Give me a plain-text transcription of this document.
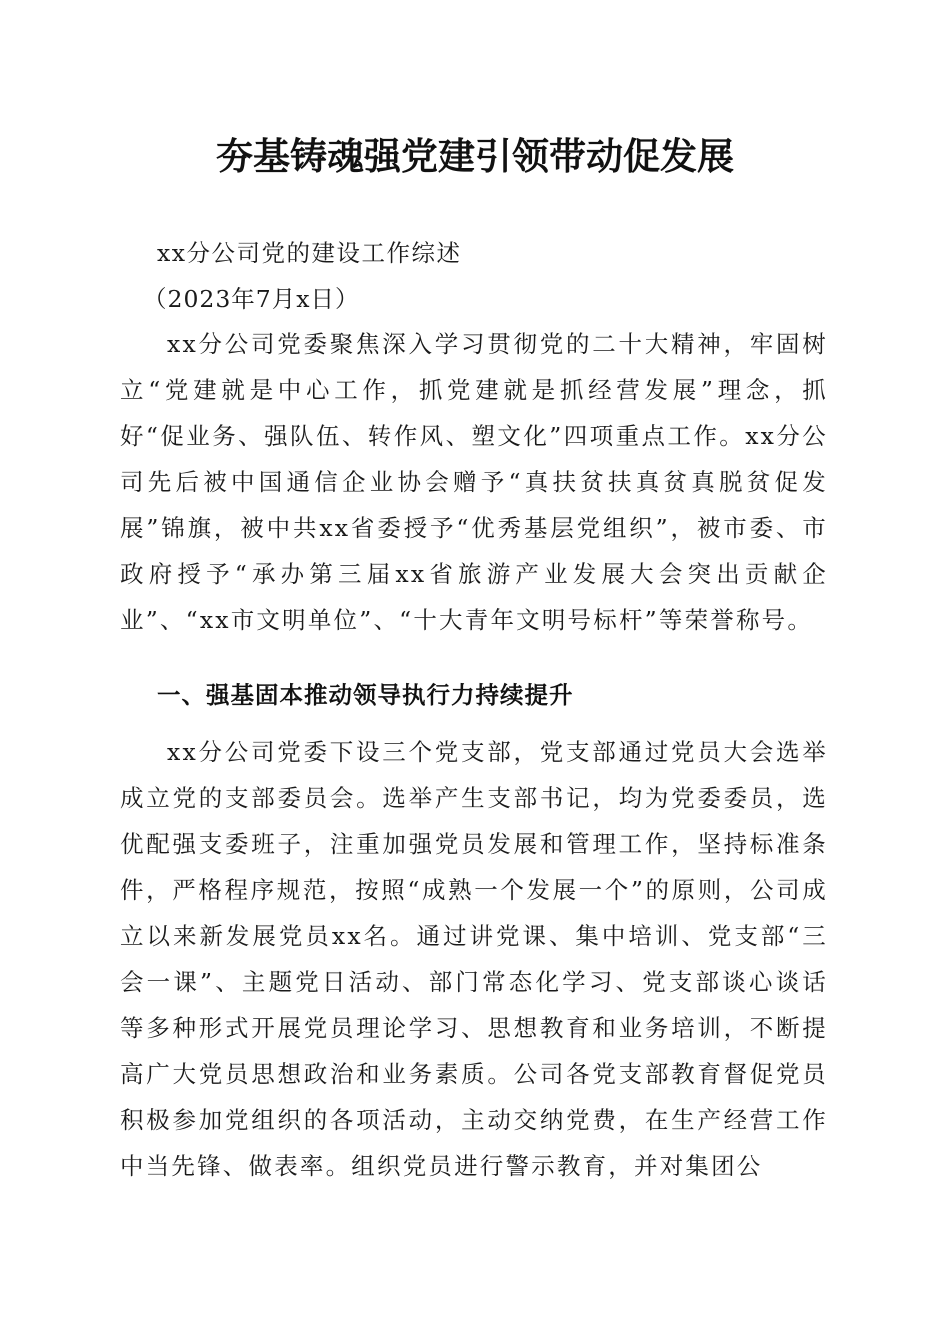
夯基铸魂强党建引领带动促发展
xx分公司党的建设工作综述
（2023年7月x日）
xx分公司党委聚焦深入学习贯彻党的二十大精神，牢固树立“党建就是中心工作，抓党建就是抓经营发展”理念，抓好“促业务、强队伍、转作风、塑文化”四项重点工作。xx分公司先后被中国通信企业协会赠予“真扶贫扶真贫真脱贫促发展”锦旗，被中共xx省委授予“优秀基层党组织”，被市委、市政府授予“承办第三届xx省旅游产业发展大会突出贡献企业”、“xx市文明单位”、“十大青年文明号标杆”等荣誉称号。
一、强基固本推动领导执行力持续提升
xx分公司党委下设三个党支部，党支部通过党员大会选举成立党的支部委员会。选举产生支部书记，均为党委委员，选优配强支委班子，注重加强党员发展和管理工作，坚持标准条件，严格程序规范，按照“成熟一个发展一个”的原则，公司成立以来新发展党员xx名。通过讲党课、集中培训、党支部“三会一课”、主题党日活动、部门常态化学习、党支部谈心谈话等多种形式开展党员理论学习、思想教育和业务培训，不断提高广大党员思想政治和业务素质。公司各党支部教育督促党员积极参加党组织的各项活动，主动交纳党费，在生产经营工作中当先锋、做表率。组织党员进行警示教育，并对集团公
